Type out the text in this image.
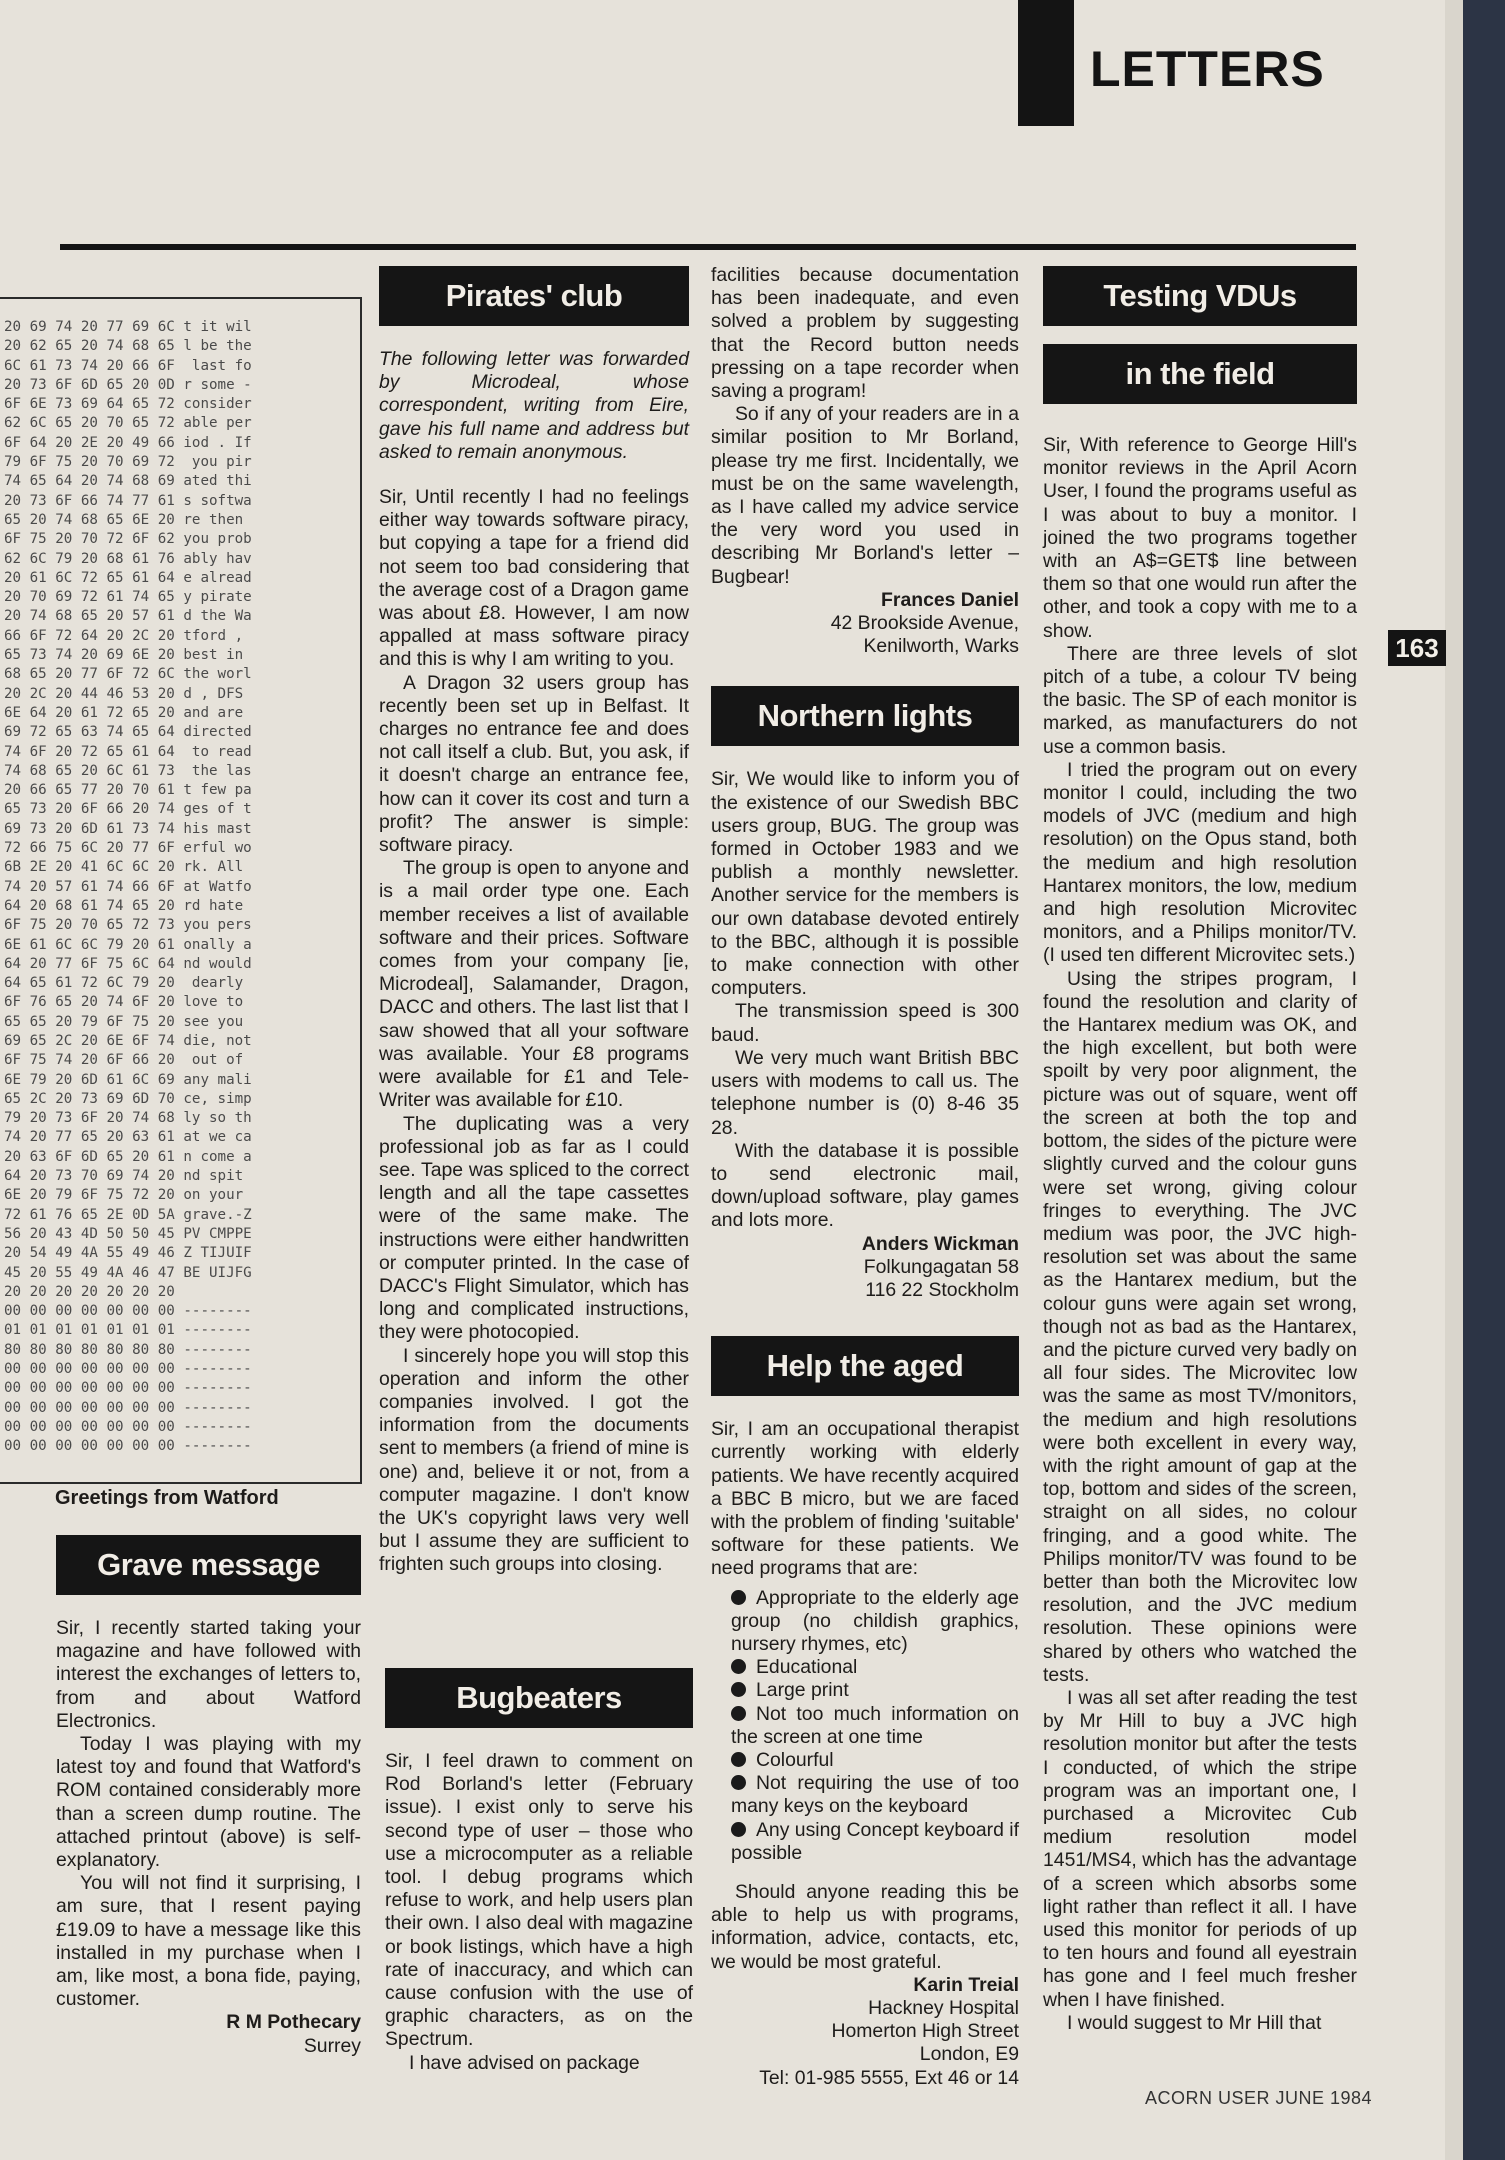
LETTERS
163
20 69 74 20 77 69 6C t it wil
20 62 65 20 74 68 65 l be the
6C 61 73 74 20 66 6F  last fo
20 73 6F 6D 65 20 0D r some -
6F 6E 73 69 64 65 72 consider
62 6C 65 20 70 65 72 able per
6F 64 20 2E 20 49 66 iod . If
79 6F 75 20 70 69 72  you pir
74 65 64 20 74 68 69 ated thi
20 73 6F 66 74 77 61 s softwa
65 20 74 68 65 6E 20 re then
6F 75 20 70 72 6F 62 you prob
62 6C 79 20 68 61 76 ably hav
20 61 6C 72 65 61 64 e alread
20 70 69 72 61 74 65 y pirate
20 74 68 65 20 57 61 d the Wa
66 6F 72 64 20 2C 20 tford ,
65 73 74 20 69 6E 20 best in
68 65 20 77 6F 72 6C the worl
20 2C 20 44 46 53 20 d , DFS
6E 64 20 61 72 65 20 and are
69 72 65 63 74 65 64 directed
74 6F 20 72 65 61 64  to read
74 68 65 20 6C 61 73  the las
20 66 65 77 20 70 61 t few pa
65 73 20 6F 66 20 74 ges of t
69 73 20 6D 61 73 74 his mast
72 66 75 6C 20 77 6F erful wo
6B 2E 20 41 6C 6C 20 rk. All
74 20 57 61 74 66 6F at Watfo
64 20 68 61 74 65 20 rd hate
6F 75 20 70 65 72 73 you pers
6E 61 6C 6C 79 20 61 onally a
64 20 77 6F 75 6C 64 nd would
64 65 61 72 6C 79 20  dearly
6F 76 65 20 74 6F 20 love to
65 65 20 79 6F 75 20 see you
69 65 2C 20 6E 6F 74 die, not
6F 75 74 20 6F 66 20  out of
6E 79 20 6D 61 6C 69 any mali
65 2C 20 73 69 6D 70 ce, simp
79 20 73 6F 20 74 68 ly so th
74 20 77 65 20 63 61 at we ca
20 63 6F 6D 65 20 61 n come a
64 20 73 70 69 74 20 nd spit
6E 20 79 6F 75 72 20 on your
72 61 76 65 2E 0D 5A grave.-Z
56 20 43 4D 50 50 45 PV CMPPE
20 54 49 4A 55 49 46 Z TIJUIF
45 20 55 49 4A 46 47 BE UIJFG
20 20 20 20 20 20 20
00 00 00 00 00 00 00 --------
01 01 01 01 01 01 01 --------
80 80 80 80 80 80 80 --------
00 00 00 00 00 00 00 --------
00 00 00 00 00 00 00 --------
00 00 00 00 00 00 00 --------
00 00 00 00 00 00 00 --------
00 00 00 00 00 00 00 --------
Greetings from Watford
Grave message

Sir, I recently started taking your magazine and have followed with interest the exchanges of letters to, from and about Watford Electronics.

Today I was playing with my latest toy and found that Watford's ROM contained considerably more than a screen dump routine. The attached printout (above) is self-explanatory.

You will not find it surprising, I am sure, that I resent paying £19.09 to have a message like this installed in my purchase when I am, like most, a bona fide, paying, customer.

R M Pothecary
Surrey

Pirates' club

The following letter was forwarded by Microdeal, whose correspondent, writing from Eire, gave his full name and address but asked to remain anonymous.

Sir, Until recently I had no feelings either way towards software piracy, but copying a tape for a friend did not seem too bad considering that the average cost of a Dragon game was about £8. However, I am now appalled at mass software piracy and this is why I am writing to you.

A Dragon 32 users group has recently been set up in Belfast. It charges no entrance fee and does not call itself a club. But, you ask, if it doesn't charge an entrance fee, how can it cover its cost and turn a profit? The answer is simple: software piracy.

The group is open to anyone and is a mail order type one. Each member receives a list of available software and their prices. Software comes from your company [ie, Microdeal], Salamander, Dragon, DACC and others. The last list that I saw showed that all your software was available. Your £8 programs were available for £1 and Tele-Writer was available for £10.

The duplicating was a very professional job as far as I could see. Tape was spliced to the correct length and all the tape cassettes were of the same make. The instructions were either handwritten or computer printed. In the case of DACC's Flight Simulator, which has long and complicated instructions, they were photocopied.

I sincerely hope you will stop this operation and inform the other companies involved. I got the information from the documents sent to members (a friend of mine is one) and, believe it or not, from a computer magazine. I don't know the UK's copyright laws very well but I assume they are sufficient to frighten such groups into closing.

Bugbeaters

Sir, I feel drawn to comment on Rod Borland's letter (February issue). I exist only to serve his second type of user – those who use a microcomputer as a reliable tool. I debug programs which refuse to work, and help users plan their own. I also deal with magazine or book listings, which have a high rate of inaccuracy, and which can cause confusion with the use of graphic characters, as on the Spectrum.

I have advised on package

facilities because documentation has been inadequate, and even solved a problem by suggesting that the Record button needs pressing on a tape recorder when saving a program!

So if any of your readers are in a similar position to Mr Borland, please try me first. Incidentally, we must be on the same wavelength, as I have called my advice service the very word you used in describing Mr Borland's letter – Bugbear!

Frances Daniel
42 Brookside Avenue,
Kenilworth, Warks

Northern lights

Sir, We would like to inform you of the existence of our Swedish BBC users group, BUG. The group was formed in October 1983 and we publish a monthly newsletter. Another service for the members is our own database devoted entirely to the BBC, although it is possible to make connection with other computers.

The transmission speed is 300 baud.

We very much want British BBC users with modems to call us. The telephone number is (0) 8-46 35 28.

With the database it is possible to send electronic mail, down/upload software, play games and lots more.

Anders Wickman
Folkungagatan 58
116 22 Stockholm

Help the aged

Sir, I am an occupational therapist currently working with elderly patients. We have recently acquired a BBC B micro, but we are faced with the problem of finding 'suitable' software for these patients. We need programs that are:

Appropriate to the elderly age group (no childish graphics, nursery rhymes, etc)
Educational
Large print
Not too much information on the screen at one time
Colourful
Not requiring the use of too many keys on the keyboard
Any using Concept keyboard if possible

Should anyone reading this be able to help us with programs, information, advice, contacts, etc, we would be most grateful.

Karin Treial
Hackney Hospital
Homerton High Street
London, E9
Tel: 01-985 5555, Ext 46 or 14

Testing VDUs
in the field

Sir, With reference to George Hill's monitor reviews in the April Acorn User, I found the programs useful as I was about to buy a monitor. I joined the two programs together with an A$=GET$ line between them so that one would run after the other, and took a copy with me to a show.

There are three levels of slot pitch of a tube, a colour TV being the basic. The SP of each monitor is marked, as manufacturers do not use a common basis.

I tried the program out on every monitor I could, including the two models of JVC (medium and high resolution) on the Opus stand, both the medium and high resolution Hantarex monitors, the low, medium and high resolution Microvitec monitors, and a Philips monitor/TV. (I used ten different Microvitec sets.)

Using the stripes program, I found the resolution and clarity of the Hantarex medium was OK, and the high excellent, but both were spoilt by very poor alignment, the picture was out of square, went off the screen at both the top and bottom, the sides of the picture were slightly curved and the colour guns were set wrong, giving colour fringes to everything. The JVC medium was poor, the JVC high-resolution set was about the same as the Hantarex medium, but the colour guns were again set wrong, though not as bad as the Hantarex, and the picture curved very badly on all four sides. The Microvitec low was the same as most TV/monitors, the medium and high resolutions were both excellent in every way, with the right amount of gap at the top, bottom and sides of the screen, straight on all sides, no colour fringing, and a good white. The Philips monitor/TV was found to be better than both the Microvitec low resolution, and the JVC medium resolution. These opinions were shared by others who watched the tests.

I was all set after reading the test by Mr Hill to buy a JVC high resolution monitor but after the tests I conducted, of which the stripe program was an important one, I purchased a Microvitec Cub medium resolution model 1451/MS4, which has the advantage of a screen which absorbs some light rather than reflect it all. I have used this monitor for periods of up to ten hours and found all eyestrain has gone and I feel much fresher when I have finished.

I would suggest to Mr Hill that

ACORN USER JUNE 1984
